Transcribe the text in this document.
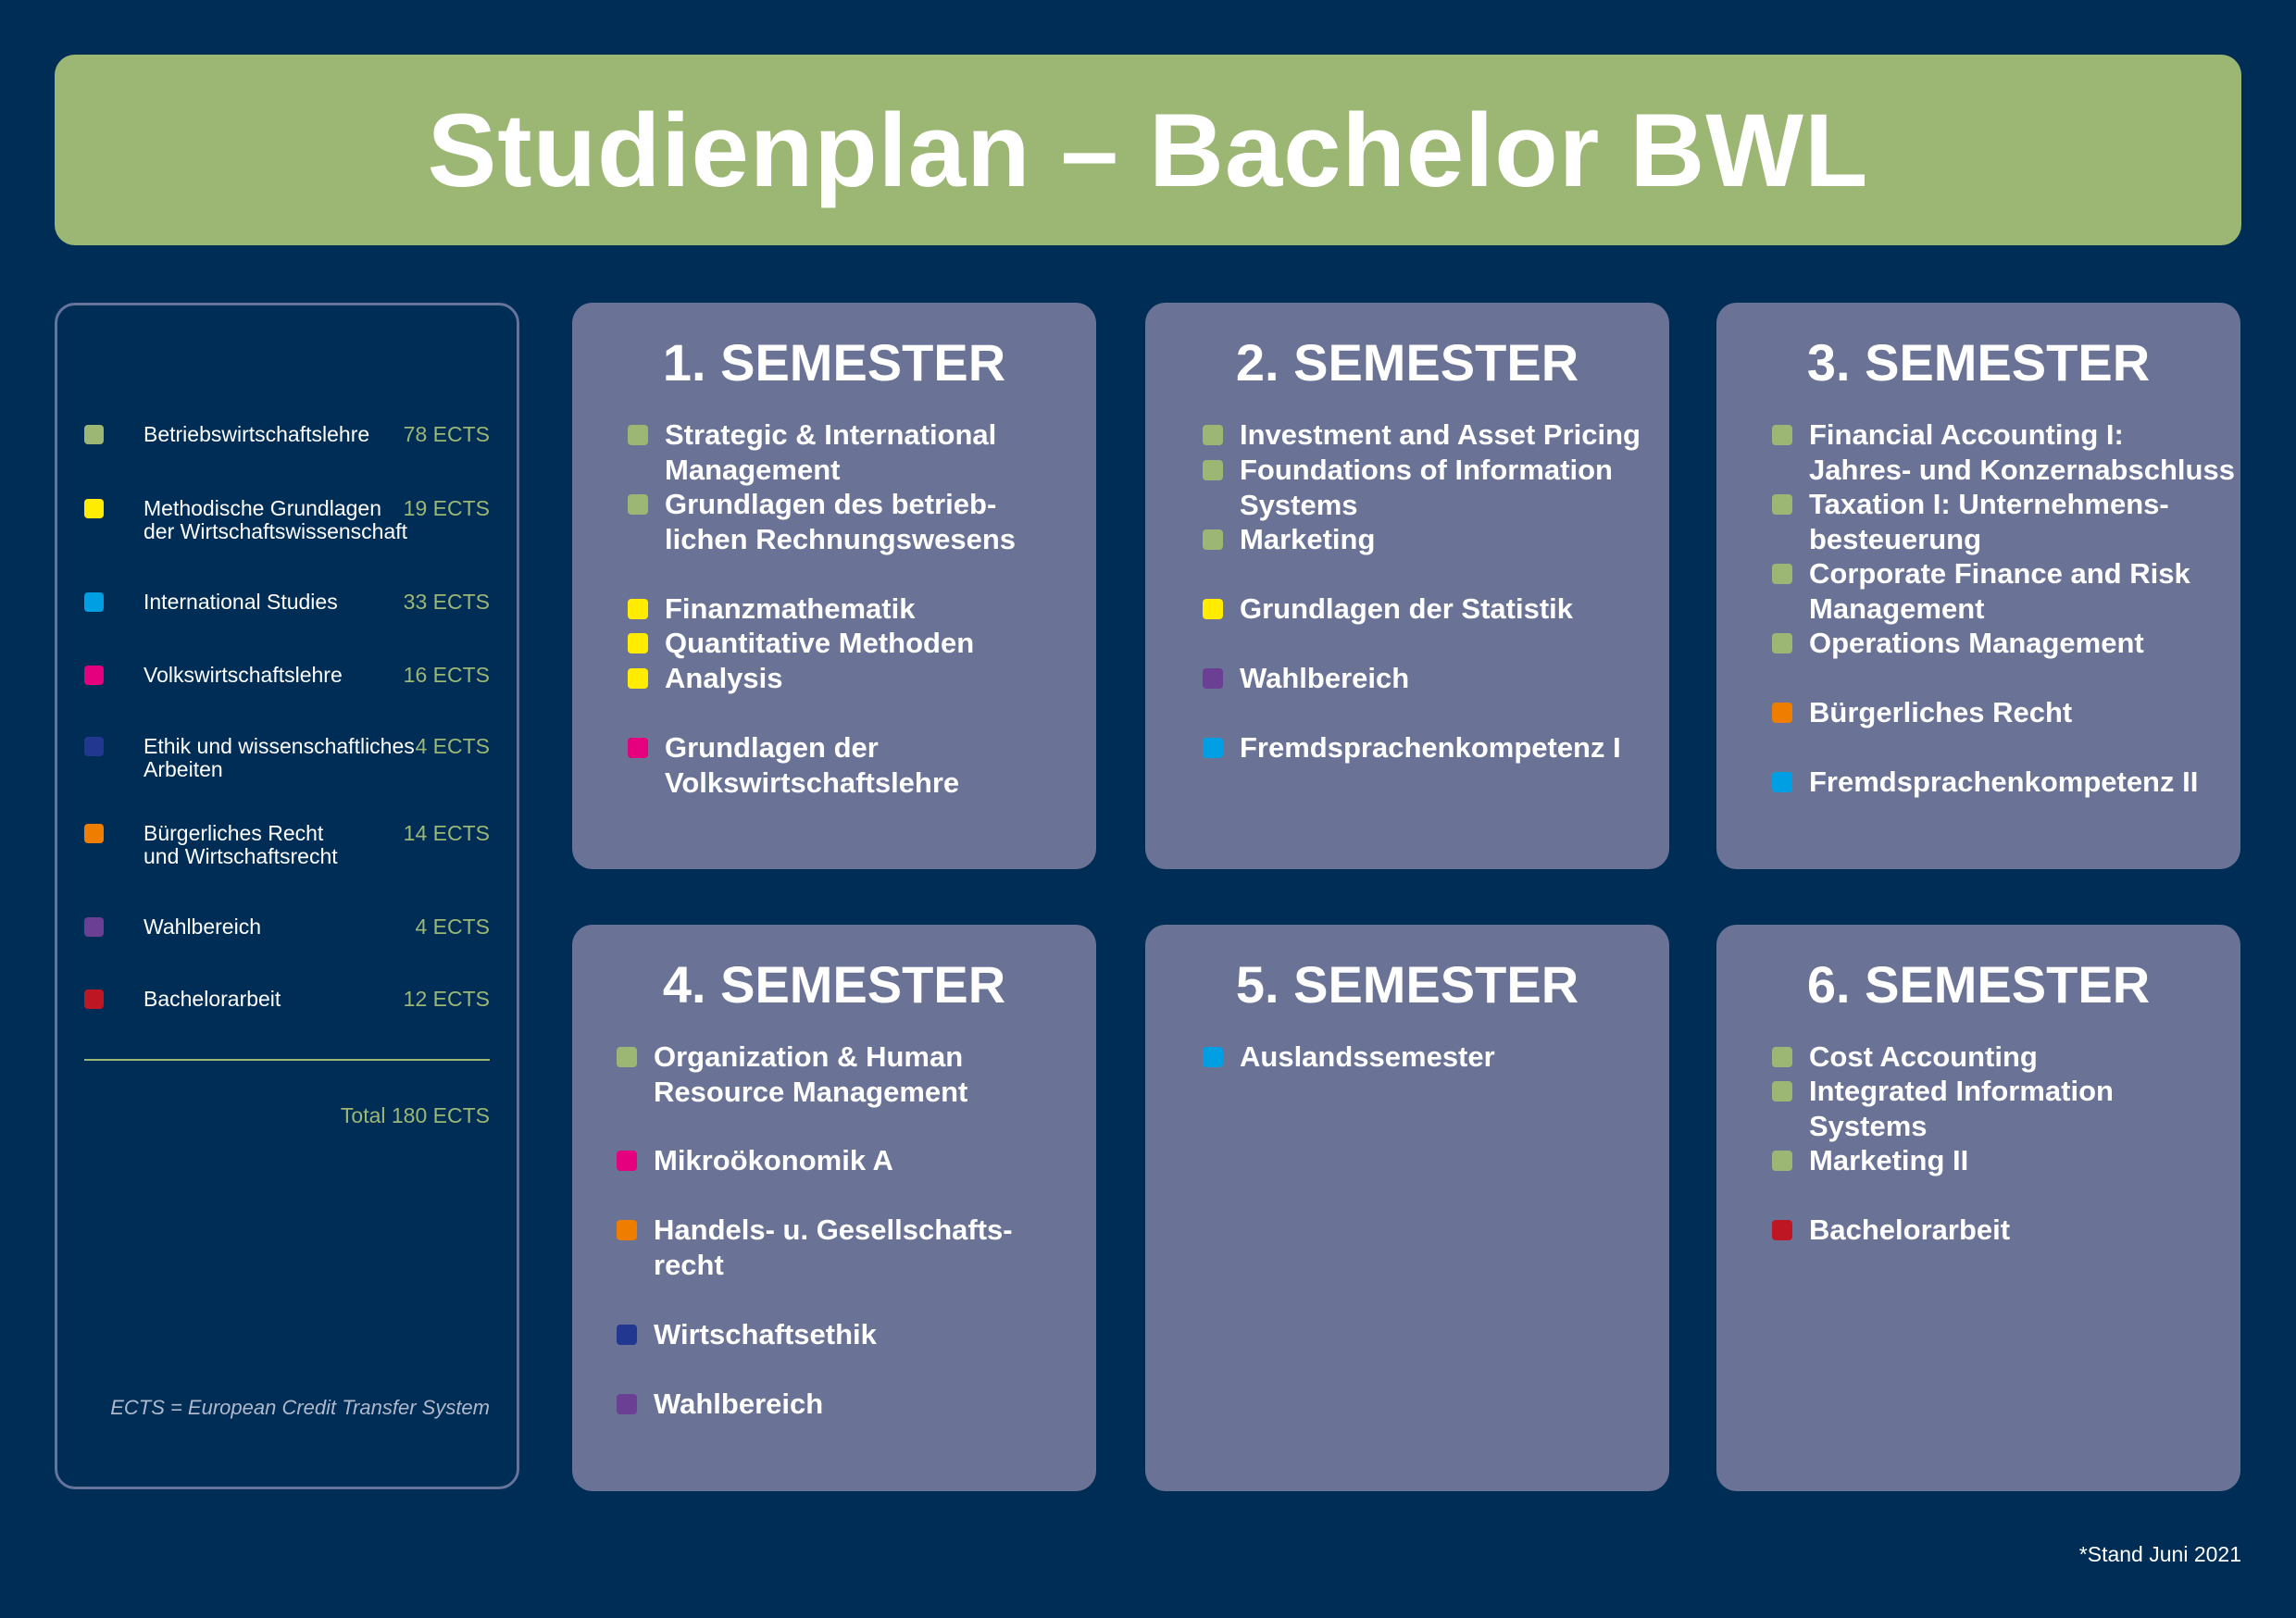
Studienplan – Bachelor BWL
Betriebswirtschaftslehre	78 ECTS
Methodische Grundlagen
der Wirtschaftswissenschaft
19 ECTS
International Studies	33 ECTS
Volkswirtschaftslehre	16 ECTS
Ethik und wissenschaftliches
Arbeiten
4 ECTS
Bürgerliches Recht
und Wirtschaftsrecht
14 ECTS
Wahlbereich	4 ECTS
Bachelorarbeit	12 ECTS
Total 180 ECTS
ECTS = European Credit Transfer System
1. SEMESTER
Strategic & International
Management
Grundlagen des betrieb-
lichen Rechnungswesens
Finanzmathematik
Quantitative Methoden
Analysis
Grundlagen der
Volkswirtschaftslehre
2. SEMESTER
Investment and Asset Pricing
Foundations of Information
Systems
Marketing
Grundlagen der Statistik
Wahlbereich
Fremdsprachenkompetenz I
3. SEMESTER
Financial Accounting I:
Jahres- und Konzernabschluss
Taxation I: Unternehmens-
besteuerung
Corporate Finance and Risk
Management
Operations Management
Bürgerliches Recht
Fremdsprachenkompetenz II
4. SEMESTER
Organization & Human
Resource Management
Mikroökonomik A
Handels- u. Gesellschafts-
recht
Wirtschaftsethik
Wahlbereich
5. SEMESTER
Auslandssemester
6. SEMESTER
Cost Accounting
Integrated Information
Systems
Marketing II
Bachelorarbeit
*Stand Juni 2021
